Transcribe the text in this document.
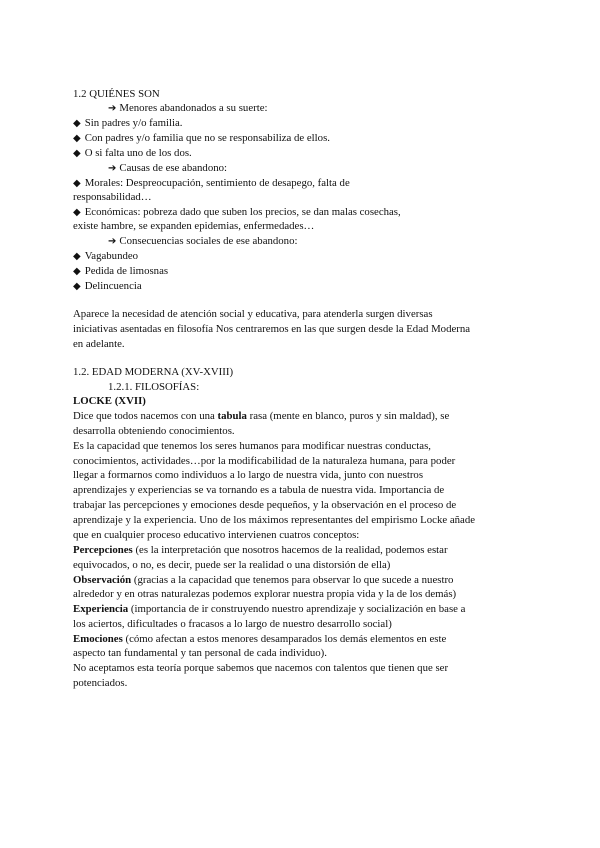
1.2 QUIÉNES SON
➔ Menores abandonados a su suerte:
◆ Sin padres y/o familia.
◆ Con padres y/o familia que no se responsabiliza de ellos.
◆ O si falta uno de los dos.
➔ Causas de ese abandono:
◆ Morales: Despreocupación, sentimiento de desapego, falta de
responsabilidad…
◆ Económicas: pobreza dado que suben los precios, se dan malas cosechas,
existe hambre, se expanden epidemias, enfermedades…
➔ Consecuencias sociales de ese abandono:
◆ Vagabundeo
◆ Pedida de limosnas
◆ Delincuencia
Aparece la necesidad de atención social y educativa, para atenderla surgen diversas
iniciativas asentadas en filosofía Nos centraremos en las que surgen desde la Edad Moderna
en adelante.
1.2. EDAD MODERNA (XV-XVIII)
1.2.1. FILOSOFÍAS:
LOCKE (XVII)
Dice que todos nacemos con una tabula rasa (mente en blanco, puros y sin maldad), se
desarrolla obteniendo conocimientos.
Es la capacidad que tenemos los seres humanos para modificar nuestras conductas,
conocimientos, actividades…por la modificabilidad de la naturaleza humana, para poder
llegar a formarnos como individuos a lo largo de nuestra vida, junto con nuestros
aprendizajes y experiencias se va tornando es a tabula de nuestra vida. Importancia de
trabajar las percepciones y emociones desde pequeños, y la observación en el proceso de
aprendizaje y la experiencia. Uno de los máximos representantes del empirismo Locke añade
que en cualquier proceso educativo intervienen cuatros conceptos:
Percepciones (es la interpretación que nosotros hacemos de la realidad, podemos estar
equivocados, o no, es decir, puede ser la realidad o una distorsión de ella)
Observación (gracias a la capacidad que tenemos para observar lo que sucede a nuestro
alrededor y en otras naturalezas podemos explorar nuestra propia vida y la de los demás)
Experiencia (importancia de ir construyendo nuestro aprendizaje y socialización en base a
los aciertos, dificultades o fracasos a lo largo de nuestro desarrollo social)
Emociones (cómo afectan a estos menores desamparados los demás elementos en este
aspecto tan fundamental y tan personal de cada individuo).
No aceptamos esta teoría porque sabemos que nacemos con talentos que tienen que ser
potenciados.
